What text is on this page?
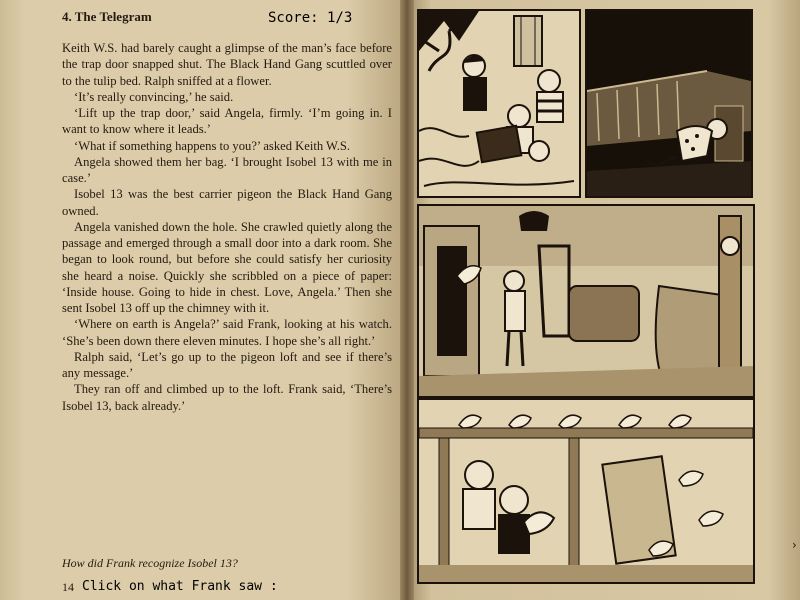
4. The Telegram	Score: 1/3

Keith W.S. had barely caught a glimpse of the man’s face before the trap door snapped shut. The Black Hand Gang scuttled over to the tulip bed. Ralph sniffed at a flower.

‘It’s really convincing,’ he said.

‘Lift up the trap door,’ said Angela, firmly. ‘I’m going in. I want to know where it leads.’

‘What if something happens to you?’ asked Keith W.S.

Angela showed them her bag. ‘I brought Isobel 13 with me in case.’

Isobel 13 was the best carrier pigeon the Black Hand Gang owned.

Angela vanished down the hole. She crawled quietly along the passage and emerged through a small door into a dark room. She began to look round, but before she could satisfy her curiosity she heard a noise. Quickly she scribbled on a piece of paper: ‘Inside house. Going to hide in chest. Love, Angela.’ Then she sent Isobel 13 off up the chimney with it.

‘Where on earth is Angela?’ said Frank, looking at his watch. ‘She’s been down there eleven minutes. I hope she’s all right.’

Ralph said, ‘Let’s go up to the pigeon loft and see if there’s any message.’

They ran off and climbed up to the loft. Frank said, ‘There’s Isobel 13, back already.’

How did Frank recognize Isobel 13?
14 Click on what Frank saw :
›
